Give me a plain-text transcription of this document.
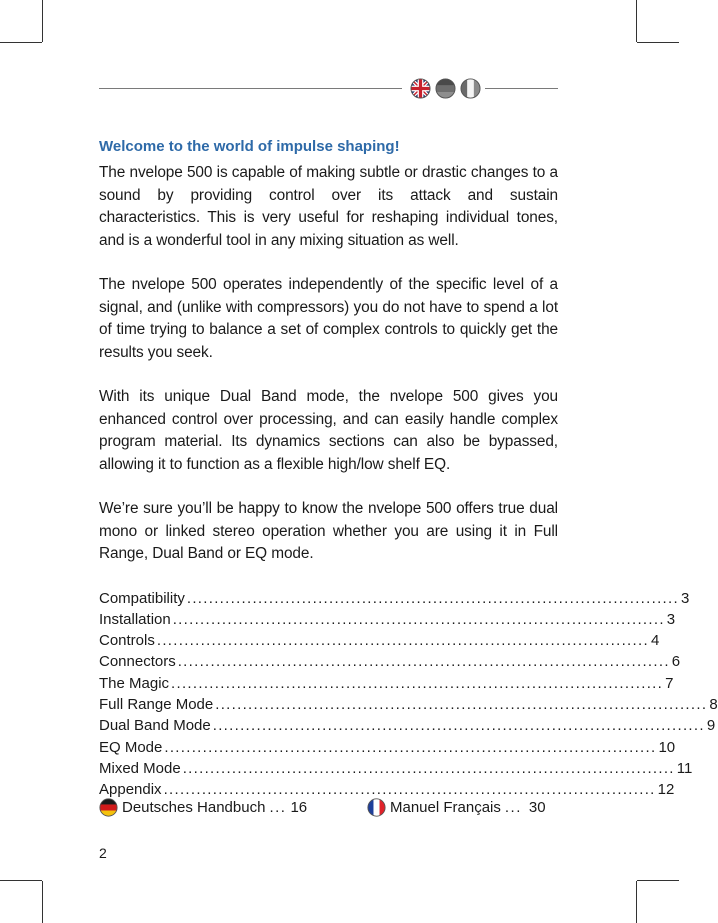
Welcome to the world of impulse shaping!

The nvelope 500 is capable of making subtle or drastic changes to a sound by providing control over its attack and sustain characteristics. This is very useful for reshaping individual tones, and is a wonderful tool in any mixing situation as well.

The nvelope 500 operates independently of the specific level of a signal, and (unlike with compressors) you do not have to spend a lot of time trying to balance a set of complex controls to quickly get the results you seek.

With its unique Dual Band mode, the nvelope 500 gives you enhanced control over processing, and can easily handle complex program material. Its dynamics sections can also be bypassed, allowing it to function as a flexible high/low shelf EQ.

We’re sure you’ll be happy to know the nvelope 500 offers true dual mono or linked stereo operation whether you are using it in Full Range, Dual Band or EQ mode.

Compatibility .......................................................................................... 3
Installation .......................................................................................... 3
Controls .......................................................................................... 4
Connectors .......................................................................................... 6
The Magic .......................................................................................... 7
Full Range Mode .......................................................................................... 8
Dual Band Mode .......................................................................................... 9
EQ Mode .......................................................................................... 10
Mixed Mode .......................................................................................... 11
Appendix .......................................................................................... 12
Deutsches Handbuch ... 16	Manuel Français ... 30
2
